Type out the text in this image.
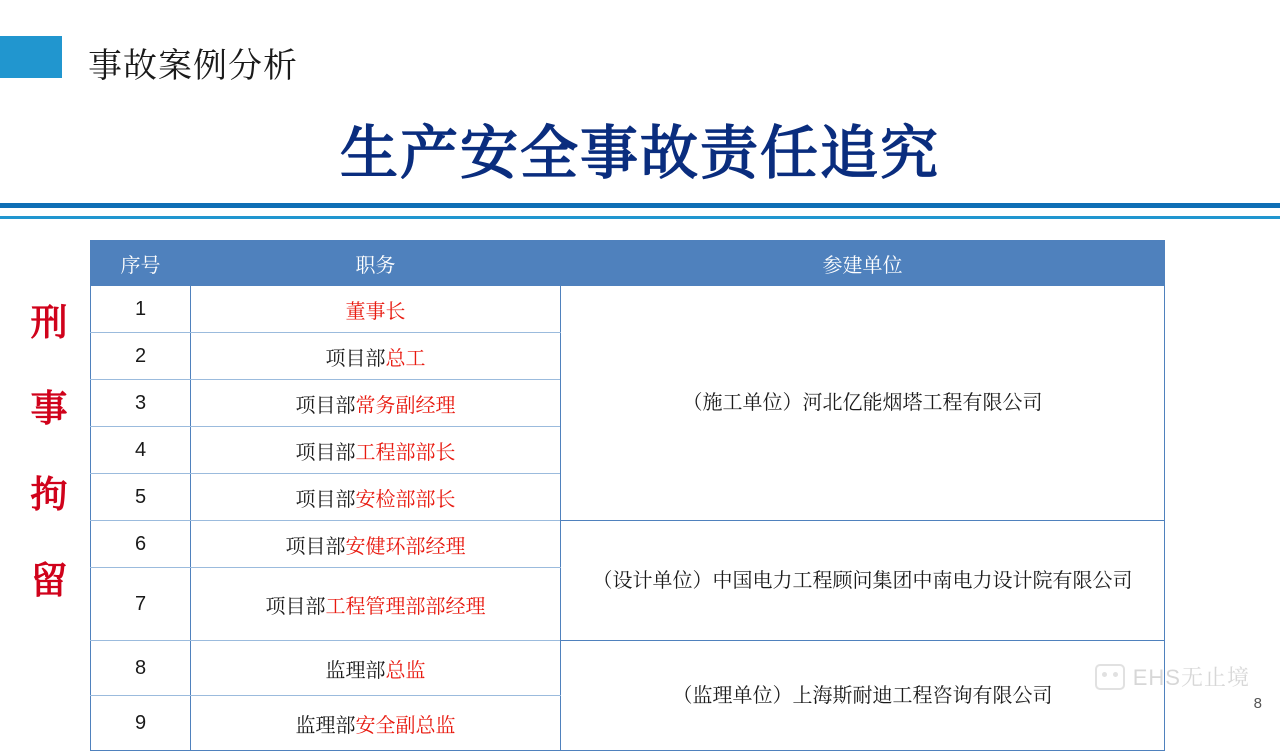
事故案例分析
生产安全事故责任追究
刑
事
拘
留
序号	职务	参建单位
1	董事长	（施工单位）河北亿能烟塔工程有限公司
2	项目部总工	
3	项目部常务副经理	
4	项目部工程部部长	
5	项目部安检部部长	
6	项目部安健环部经理	（设计单位）中国电力工程顾问集团中南电力设计院有限公司
7	项目部工程管理部部经理	
8	监理部总监	（监理单位）上海斯耐迪工程咨询有限公司
9	监理部安全副总监	
EHS无止境
8
